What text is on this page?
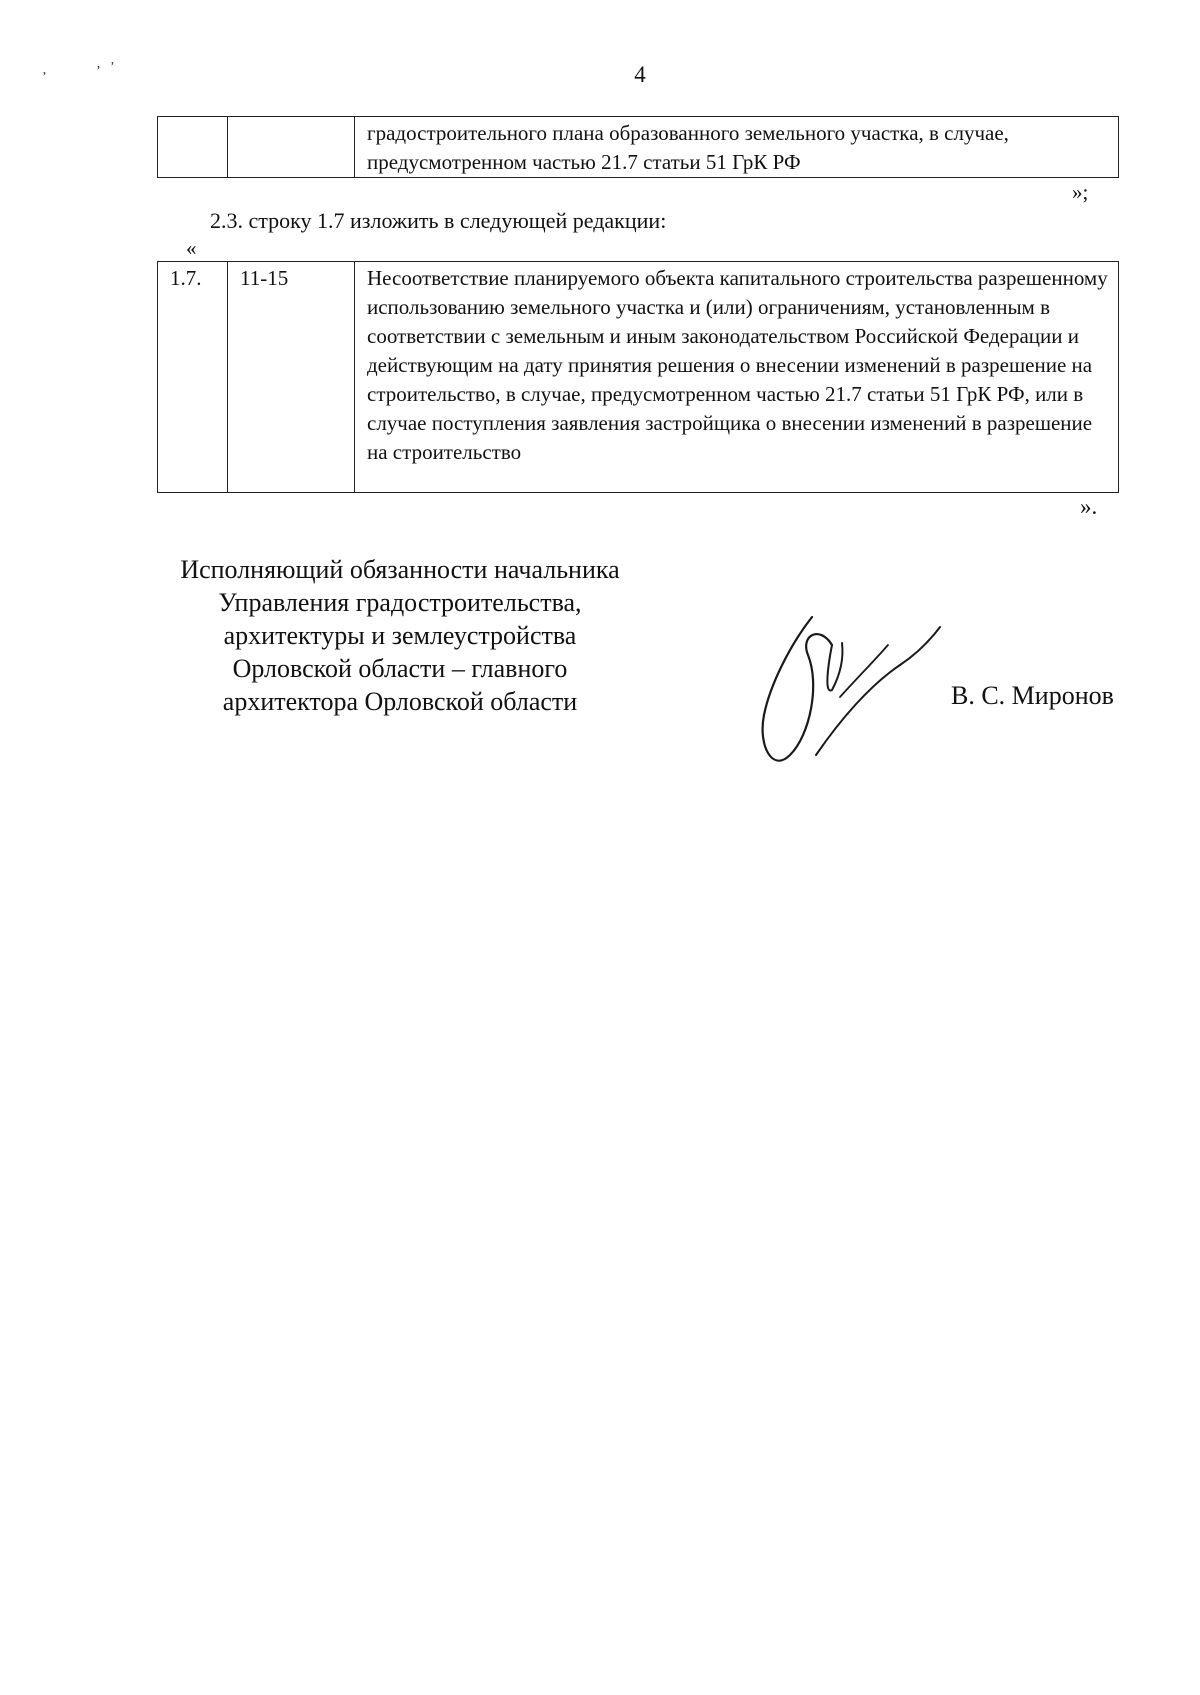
4
ʼ	ʼ ʼ
		градостроительного плана образованного земельного участка, в случае, предусмотренном частью 21.7 статьи 51 ГрК РФ
»;
2.3. строку 1.7 изложить в следующей редакции:
«
1.7.	11-15	Несоответствие планируемого объекта капитального строительства разрешенному использованию земельного участка и (или) ограничениям, установленным в соответствии с земельным и иным законодательством Российской Федерации и действующим на дату принятия решения о внесении изменений в разрешение на строительство, в случае, предусмотренном частью 21.7 статьи 51 ГрК РФ, или в случае поступления заявления застройщика о внесении изменений в разрешение на строительство
».
Исполняющий обязанности начальника
Управления градостроительства,
архитектуры и землеустройства
Орловской области – главного
архитектора Орловской области	В. С. Миронов
